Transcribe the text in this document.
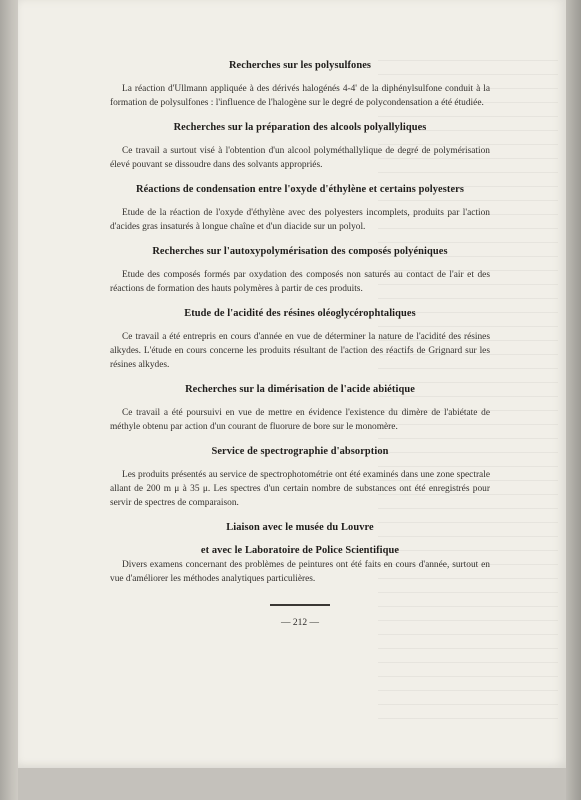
Recherches sur les polysulfones

La réaction d'Ullmann appliquée à des dérivés halogénés 4-4' de la diphénylsulfone conduit à la formation de polysulfones : l'influence de l'halogène sur le degré de polycondensation a été étudiée.

Recherches sur la préparation des alcools polyallyliques

Ce travail a surtout visé à l'obtention d'un alcool polyméthallylique de degré de polymérisation élevé pouvant se dissoudre dans des solvants appropriés.

Réactions de condensation entre l'oxyde d'éthylène et certains polyesters

Etude de la réaction de l'oxyde d'éthylène avec des polyesters incomplets, produits par l'action d'acides gras insaturés à longue chaîne et d'un diacide sur un polyol.

Recherches sur l'autoxypolymérisation des composés polyéniques

Etude des composés formés par oxydation des composés non saturés au contact de l'air et des réactions de formation des hauts polymères à partir de ces produits.

Etude de l'acidité des résines oléoglycérophtaliques

Ce travail a été entrepris en cours d'année en vue de déterminer la nature de l'acidité des résines alkydes. L'étude en cours concerne les produits résultant de l'action des réactifs de Grignard sur les résines alkydes.

Recherches sur la dimérisation de l'acide abiétique

Ce travail a été poursuivi en vue de mettre en évidence l'existence du dimère de l'abiétate de méthyle obtenu par action d'un courant de fluorure de bore sur le monomère.

Service de spectrographie d'absorption

Les produits présentés au service de spectrophotométrie ont été examinés dans une zone spectrale allant de 200 m μ à 35 μ. Les spectres d'un certain nombre de substances ont été enregistrés pour servir de spectres de comparaison.

Liaison avec le musée du Louvre
et avec le Laboratoire de Police Scientifique

Divers examens concernant des problèmes de peintures ont été faits en cours d'année, surtout en vue d'améliorer les méthodes analytiques particulières.

— 212 —
